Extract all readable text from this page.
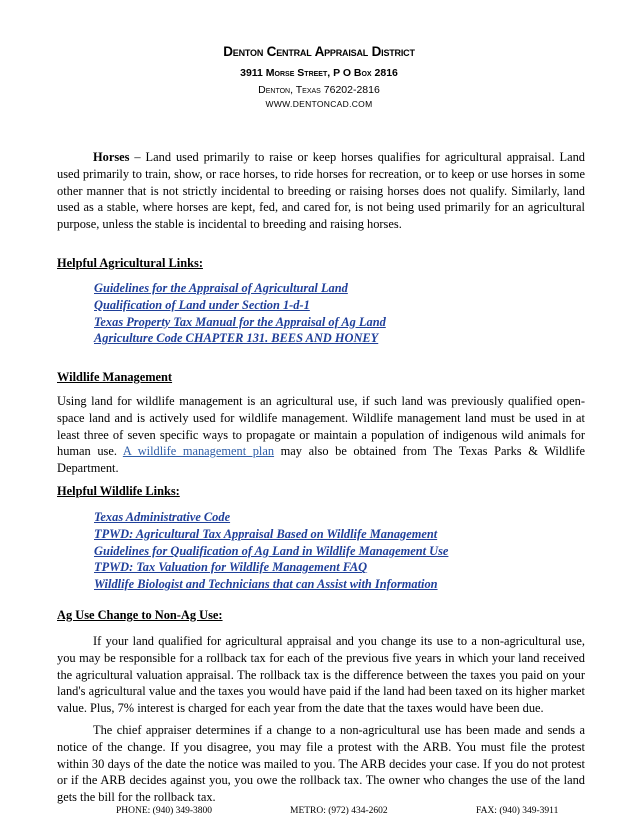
Denton Central Appraisal District
3911 Morse Street, P O Box 2816
Denton, Texas 76202-2816
WWW.DENTONCAD.COM

Horses – Land used primarily to raise or keep horses qualifies for agricultural appraisal. Land used primarily to train, show, or race horses, to ride horses for recreation, or to keep or use horses in some other manner that is not strictly incidental to breeding or raising horses does not qualify. Similarly, land used as a stable, where horses are kept, fed, and cared for, is not being used primarily for an agricultural purpose, unless the stable is incidental to breeding and raising horses.

Helpful Agricultural Links:

Guidelines for the Appraisal of Agricultural Land
Qualification of Land under Section 1-d-1
Texas Property Tax Manual for the Appraisal of Ag Land
Agriculture Code CHAPTER 131. BEES AND HONEY

Wildlife Management

Using land for wildlife management is an agricultural use, if such land was previously qualified open-space land and is actively used for wildlife management. Wildlife management land must be used in at least three of seven specific ways to propagate or maintain a population of indigenous wild animals for human use. A wildlife management plan may also be obtained from The Texas Parks & Wildlife Department.

Helpful Wildlife Links:

Texas Administrative Code
TPWD: Agricultural Tax Appraisal Based on Wildlife Management
Guidelines for Qualification of Ag Land in Wildlife Management Use
TPWD: Tax Valuation for Wildlife Management FAQ
Wildlife Biologist and Technicians that can Assist with Information

Ag Use Change to Non-Ag Use:

If your land qualified for agricultural appraisal and you change its use to a non-agricultural use, you may be responsible for a rollback tax for each of the previous five years in which your land received the agricultural valuation appraisal. The rollback tax is the difference between the taxes you paid on your land's agricultural value and the taxes you would have paid if the land had been taxed on its higher market value. Plus, 7% interest is charged for each year from the date that the taxes would have been due.

The chief appraiser determines if a change to a non-agricultural use has been made and sends a notice of the change. If you disagree, you may file a protest with the ARB. You must file the protest within 30 days of the date the notice was mailed to you. The ARB decides your case. If you do not protest or if the ARB decides against you, you owe the rollback tax. The owner who changes the use of the land gets the bill for the rollback tax.

PHONE: (940) 349-3800	METRO: (972) 434-2602	FAX: (940) 349-3911
